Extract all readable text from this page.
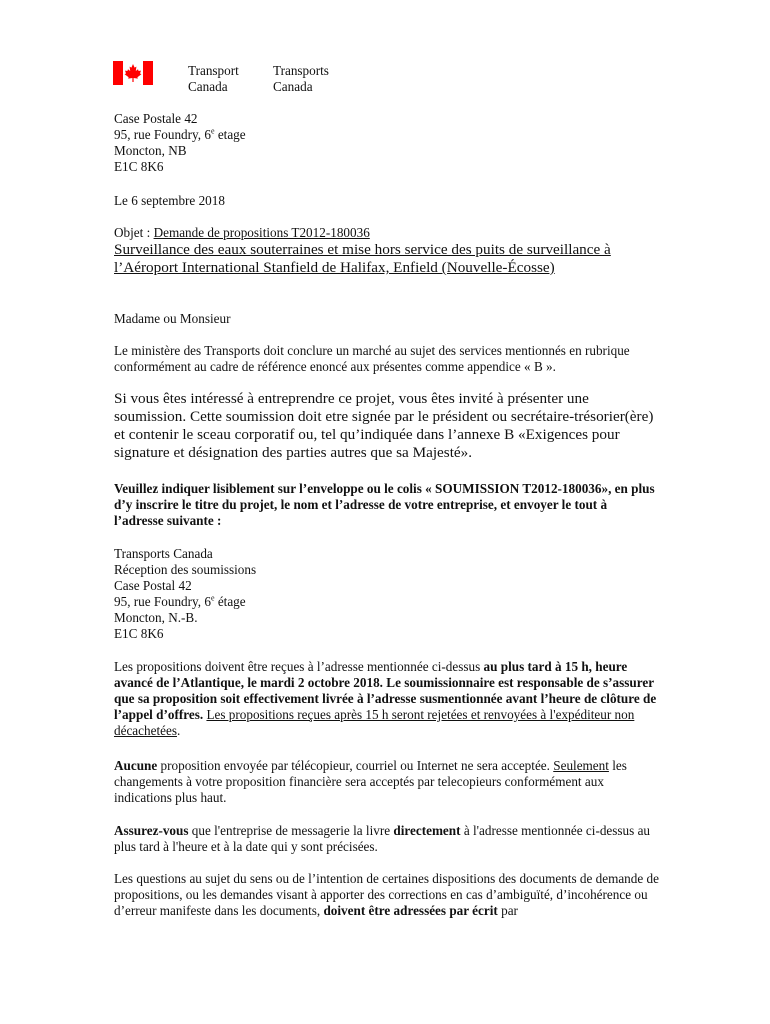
Transport
Canada
Transports
Canada

Case Postale 42

95, rue Foundry, 6e etage

Moncton, NB

E1C 8K6

Le 6 septembre 2018

Objet : Demande de propositions T2012-180036

Surveillance des eaux souterraines et mise hors service des puits de surveillance à

l’Aéroport International Stanfield de Halifax, Enfield (Nouvelle-Écosse)

Madame ou Monsieur

Le ministère des Transports doit conclure un marché au sujet des services mentionnés en rubrique conformément au cadre de référence enoncé aux présentes comme appendice « B ».

Si vous êtes intéressé à entreprendre ce projet, vous êtes invité à présenter une soumission. Cette soumission doit etre signée par le président ou secrétaire-trésorier(ère) et contenir le sceau corporatif ou, tel qu’indiquée dans l’annexe B «Exigences pour signature et désignation des parties autres que sa Majesté».

Veuillez indiquer lisiblement sur l’enveloppe ou le colis « SOUMISSION T2012-180036», en plus d’y inscrire le titre du projet, le nom et l’adresse de votre entreprise, et envoyer le tout à l’adresse suivante :

Transports Canada

Réception des soumissions

Case Postal 42

95, rue Foundry, 6e étage

Moncton, N.-B.

E1C 8K6

Les propositions doivent être reçues à l’adresse mentionnée ci-dessus au plus tard à 15 h, heure avancé de l’Atlantique, le mardi 2 octobre 2018. Le soumissionnaire est responsable de s’assurer que sa proposition soit effectivement livrée à l’adresse susmentionnée avant l’heure de clôture de l’appel d’offres. Les propositions reçues après 15 h seront rejetées et renvoyées à l'expéditeur non décachetées.

Aucune proposition envoyée par télécopieur, courriel ou Internet ne sera acceptée. Seulement les changements à votre proposition financière sera acceptés par telecopieurs conformément aux indications plus haut.

Assurez-vous que l'entreprise de messagerie la livre directement à l'adresse mentionnée ci-dessus au plus tard à l'heure et à la date qui y sont précisées.

Les questions au sujet du sens ou de l’intention de certaines dispositions des documents de demande de propositions, ou les demandes visant à apporter des corrections en cas d’ambiguïté, d’incohérence ou d’erreur manifeste dans les documents, doivent être adressées par écrit par
